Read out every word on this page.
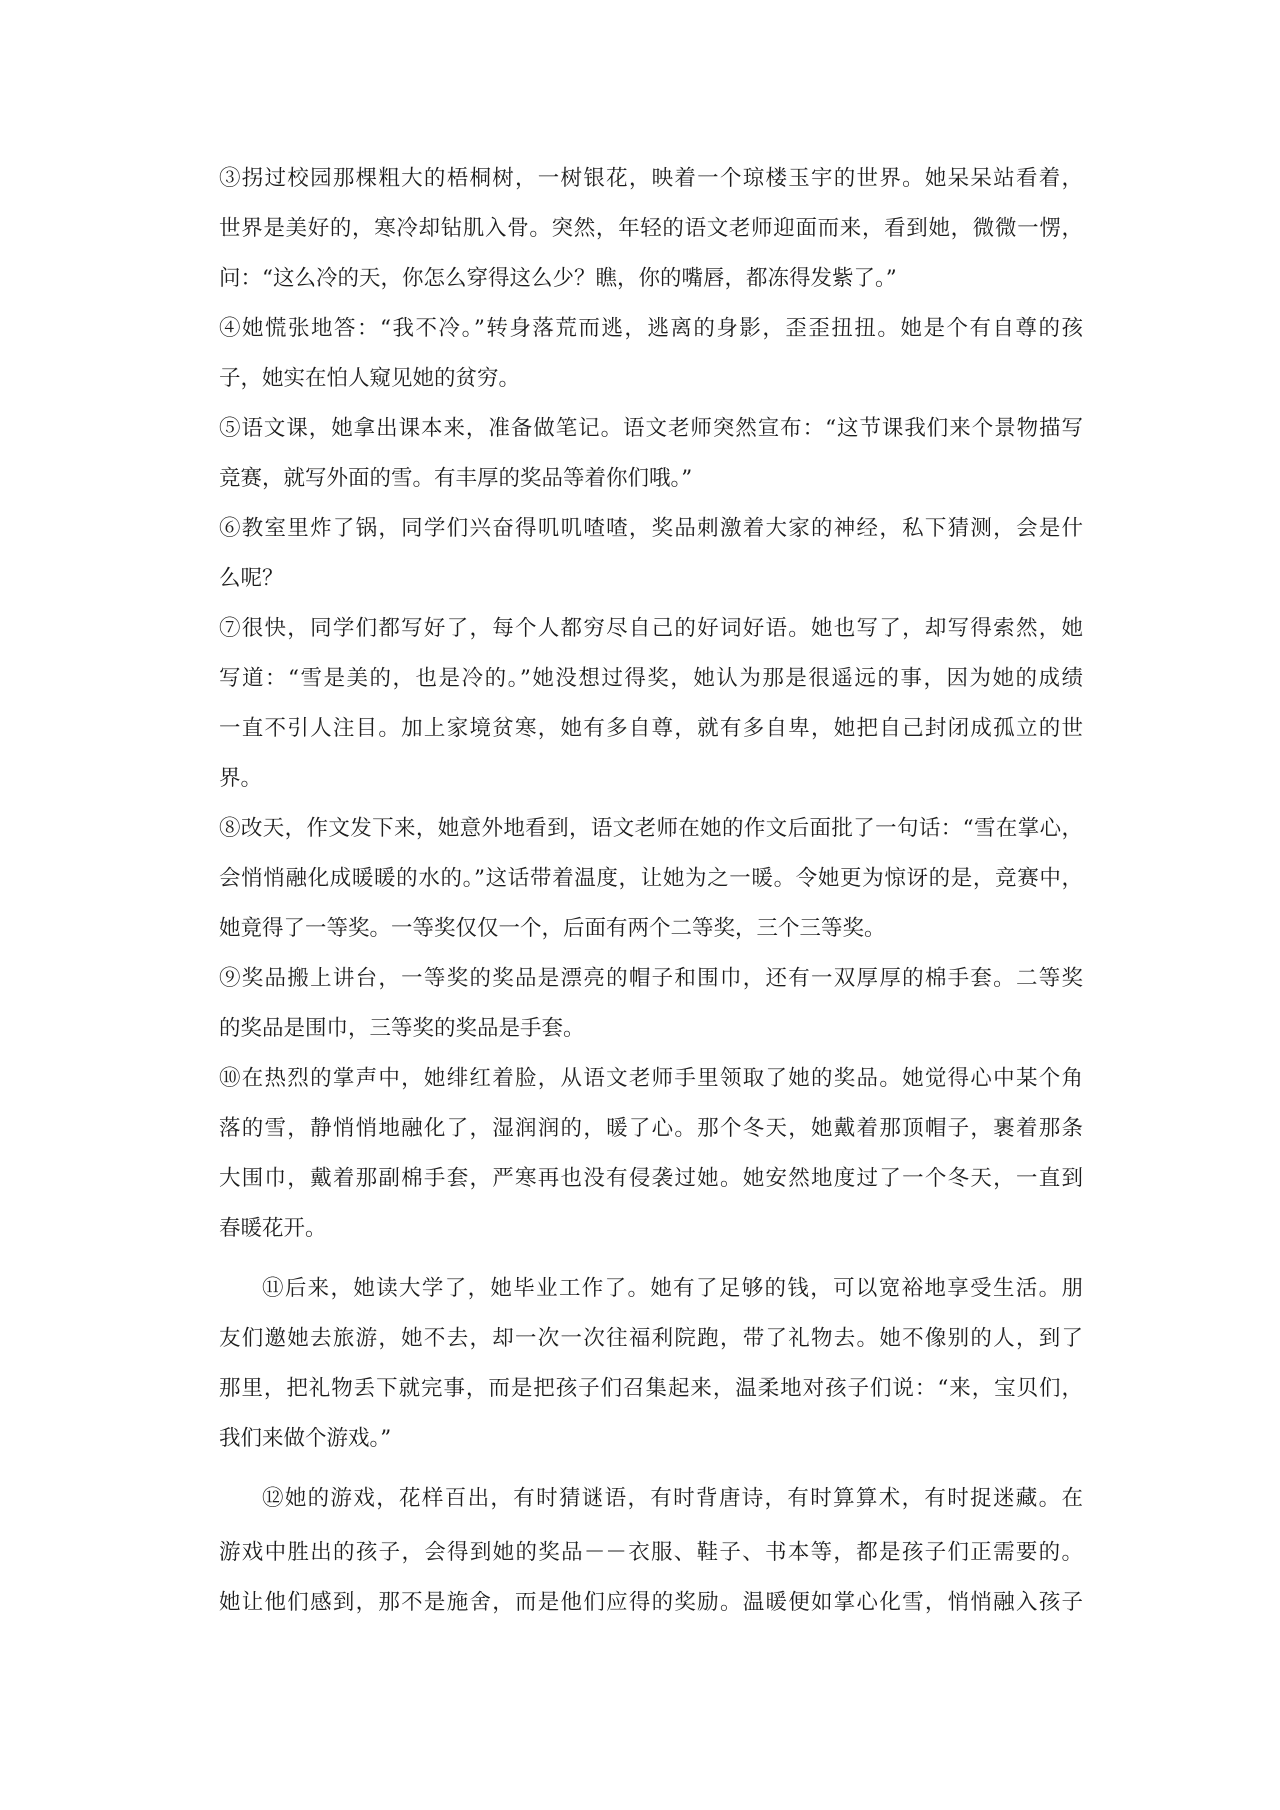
③拐过校园那棵粗大的梧桐树，一树银花，映着一个琼楼玉宇的世界。她呆呆站看着，
世界是美好的，寒冷却钻肌入骨。突然，年轻的语文老师迎面而来，看到她，微微一愣，
问：“这么冷的天，你怎么穿得这么少？瞧，你的嘴唇，都冻得发紫了。”
④她慌张地答：“我不冷。”转身落荒而逃，逃离的身影，歪歪扭扭。她是个有自尊的孩
子，她实在怕人窥见她的贫穷。
⑤语文课，她拿出课本来，准备做笔记。语文老师突然宣布：“这节课我们来个景物描写
竞赛，就写外面的雪。有丰厚的奖品等着你们哦。”
⑥教室里炸了锅，同学们兴奋得叽叽喳喳，奖品刺激着大家的神经，私下猜测，会是什
么呢？
⑦很快，同学们都写好了，每个人都穷尽自己的好词好语。她也写了，却写得索然，她
写道：“雪是美的，也是冷的。”她没想过得奖，她认为那是很遥远的事，因为她的成绩
一直不引人注目。加上家境贫寒，她有多自尊，就有多自卑，她把自己封闭成孤立的世
界。
⑧改天，作文发下来，她意外地看到，语文老师在她的作文后面批了一句话：“雪在掌心，
会悄悄融化成暖暖的水的。”这话带着温度，让她为之一暖。令她更为惊讶的是，竞赛中，
她竟得了一等奖。一等奖仅仅一个，后面有两个二等奖，三个三等奖。
⑨奖品搬上讲台，一等奖的奖品是漂亮的帽子和围巾，还有一双厚厚的棉手套。二等奖
的奖品是围巾，三等奖的奖品是手套。
⑩在热烈的掌声中，她绯红着脸，从语文老师手里领取了她的奖品。她觉得心中某个角
落的雪，静悄悄地融化了，湿润润的，暖了心。那个冬天，她戴着那顶帽子，裹着那条
大围巾，戴着那副棉手套，严寒再也没有侵袭过她。她安然地度过了一个冬天，一直到
春暖花开。
⑪后来，她读大学了，她毕业工作了。她有了足够的钱，可以宽裕地享受生活。朋
友们邀她去旅游，她不去，却一次一次往福利院跑，带了礼物去。她不像别的人，到了
那里，把礼物丢下就完事，而是把孩子们召集起来，温柔地对孩子们说：“来，宝贝们，
我们来做个游戏。”
⑫她的游戏，花样百出，有时猜谜语，有时背唐诗，有时算算术，有时捉迷藏。在
游戏中胜出的孩子，会得到她的奖品－－衣服、鞋子、书本等，都是孩子们正需要的。
她让他们感到，那不是施舍，而是他们应得的奖励。温暖便如掌心化雪，悄悄融入孩子
